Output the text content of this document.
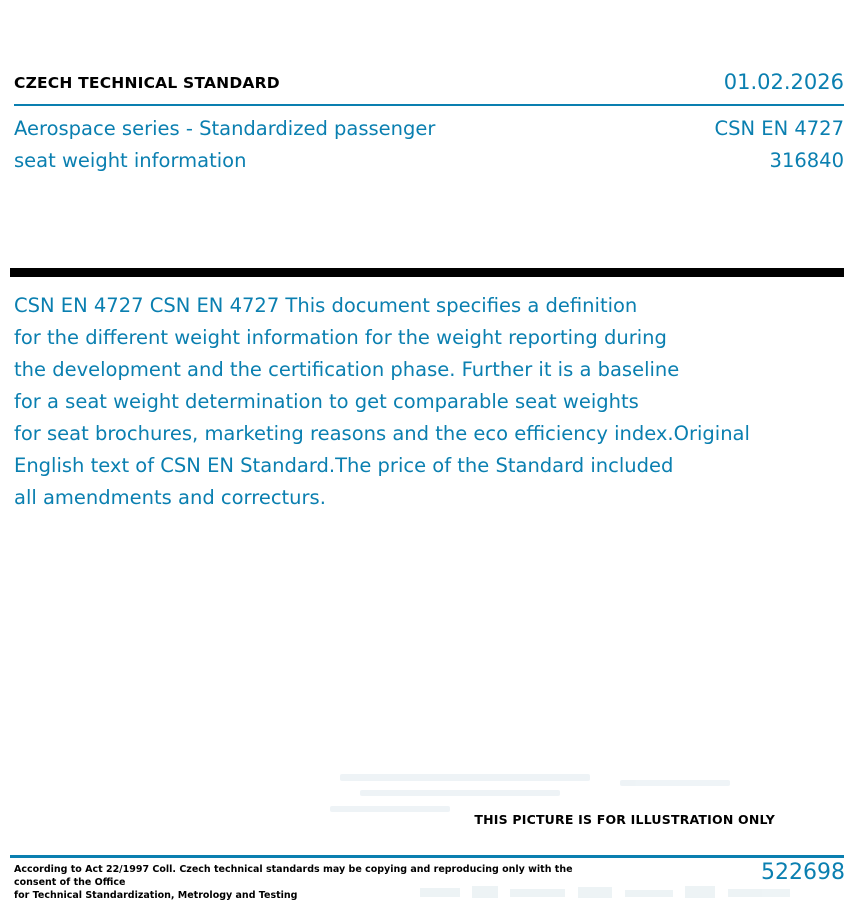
CZECH TECHNICAL STANDARD	01.02.2026
Aerospace series - Standardized passenger
seat weight information
CSN EN 4727
316840
CSN EN 4727 CSN EN 4727 This document specifies a definition
for the different weight information for the weight reporting during
the development and the certification phase. Further it is a baseline
for a seat weight determination to get comparable seat weights
for seat brochures, marketing reasons and the eco efficiency index.Original
English text of CSN EN Standard.The price of the Standard included
all amendments and correcturs.
THIS PICTURE IS FOR ILLUSTRATION ONLY
According to Act 22/1997 Coll. Czech technical standards may be copying and reproducing only with the consent of the Office
for Technical Standardization, Metrology and Testing
522698
